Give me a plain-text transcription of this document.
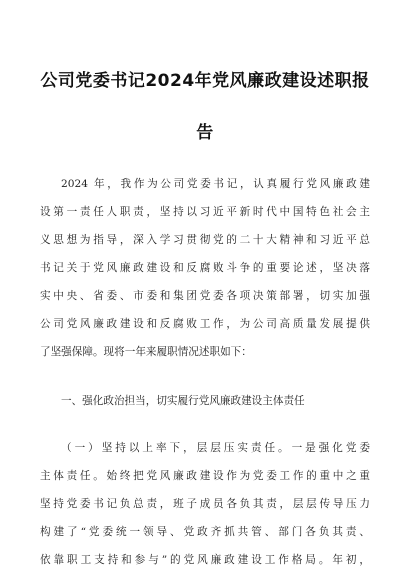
公司党委书记2024年党风廉政建设述职报
告
2024 年，我作为公司党委书记，认真履行党风廉政建
设第一责任人职责，坚持以习近平新时代中国特色社会主
义思想为指导，深入学习贯彻党的二十大精神和习近平总
书记关于党风廉政建设和反腐败斗争的重要论述，坚决落
实中央、省委、市委和集团党委各项决策部署，切实加强
公司党风廉政建设和反腐败工作，为公司高质量发展提供
了坚强保障。现将一年来履职情况述职如下：
一、强化政治担当，切实履行党风廉政建设主体责任
（一）坚持以上率下，层层压实责任。一是强化党委
主体责任。始终把党风廉政建设作为党委工作的重中之重
坚持党委书记负总责，班子成员各负其责，层层传导压力
构建了“党委统一领导、党政齐抓共管、部门各负其责、
依靠职工支持和参与”的党风廉政建设工作格局。年初，
